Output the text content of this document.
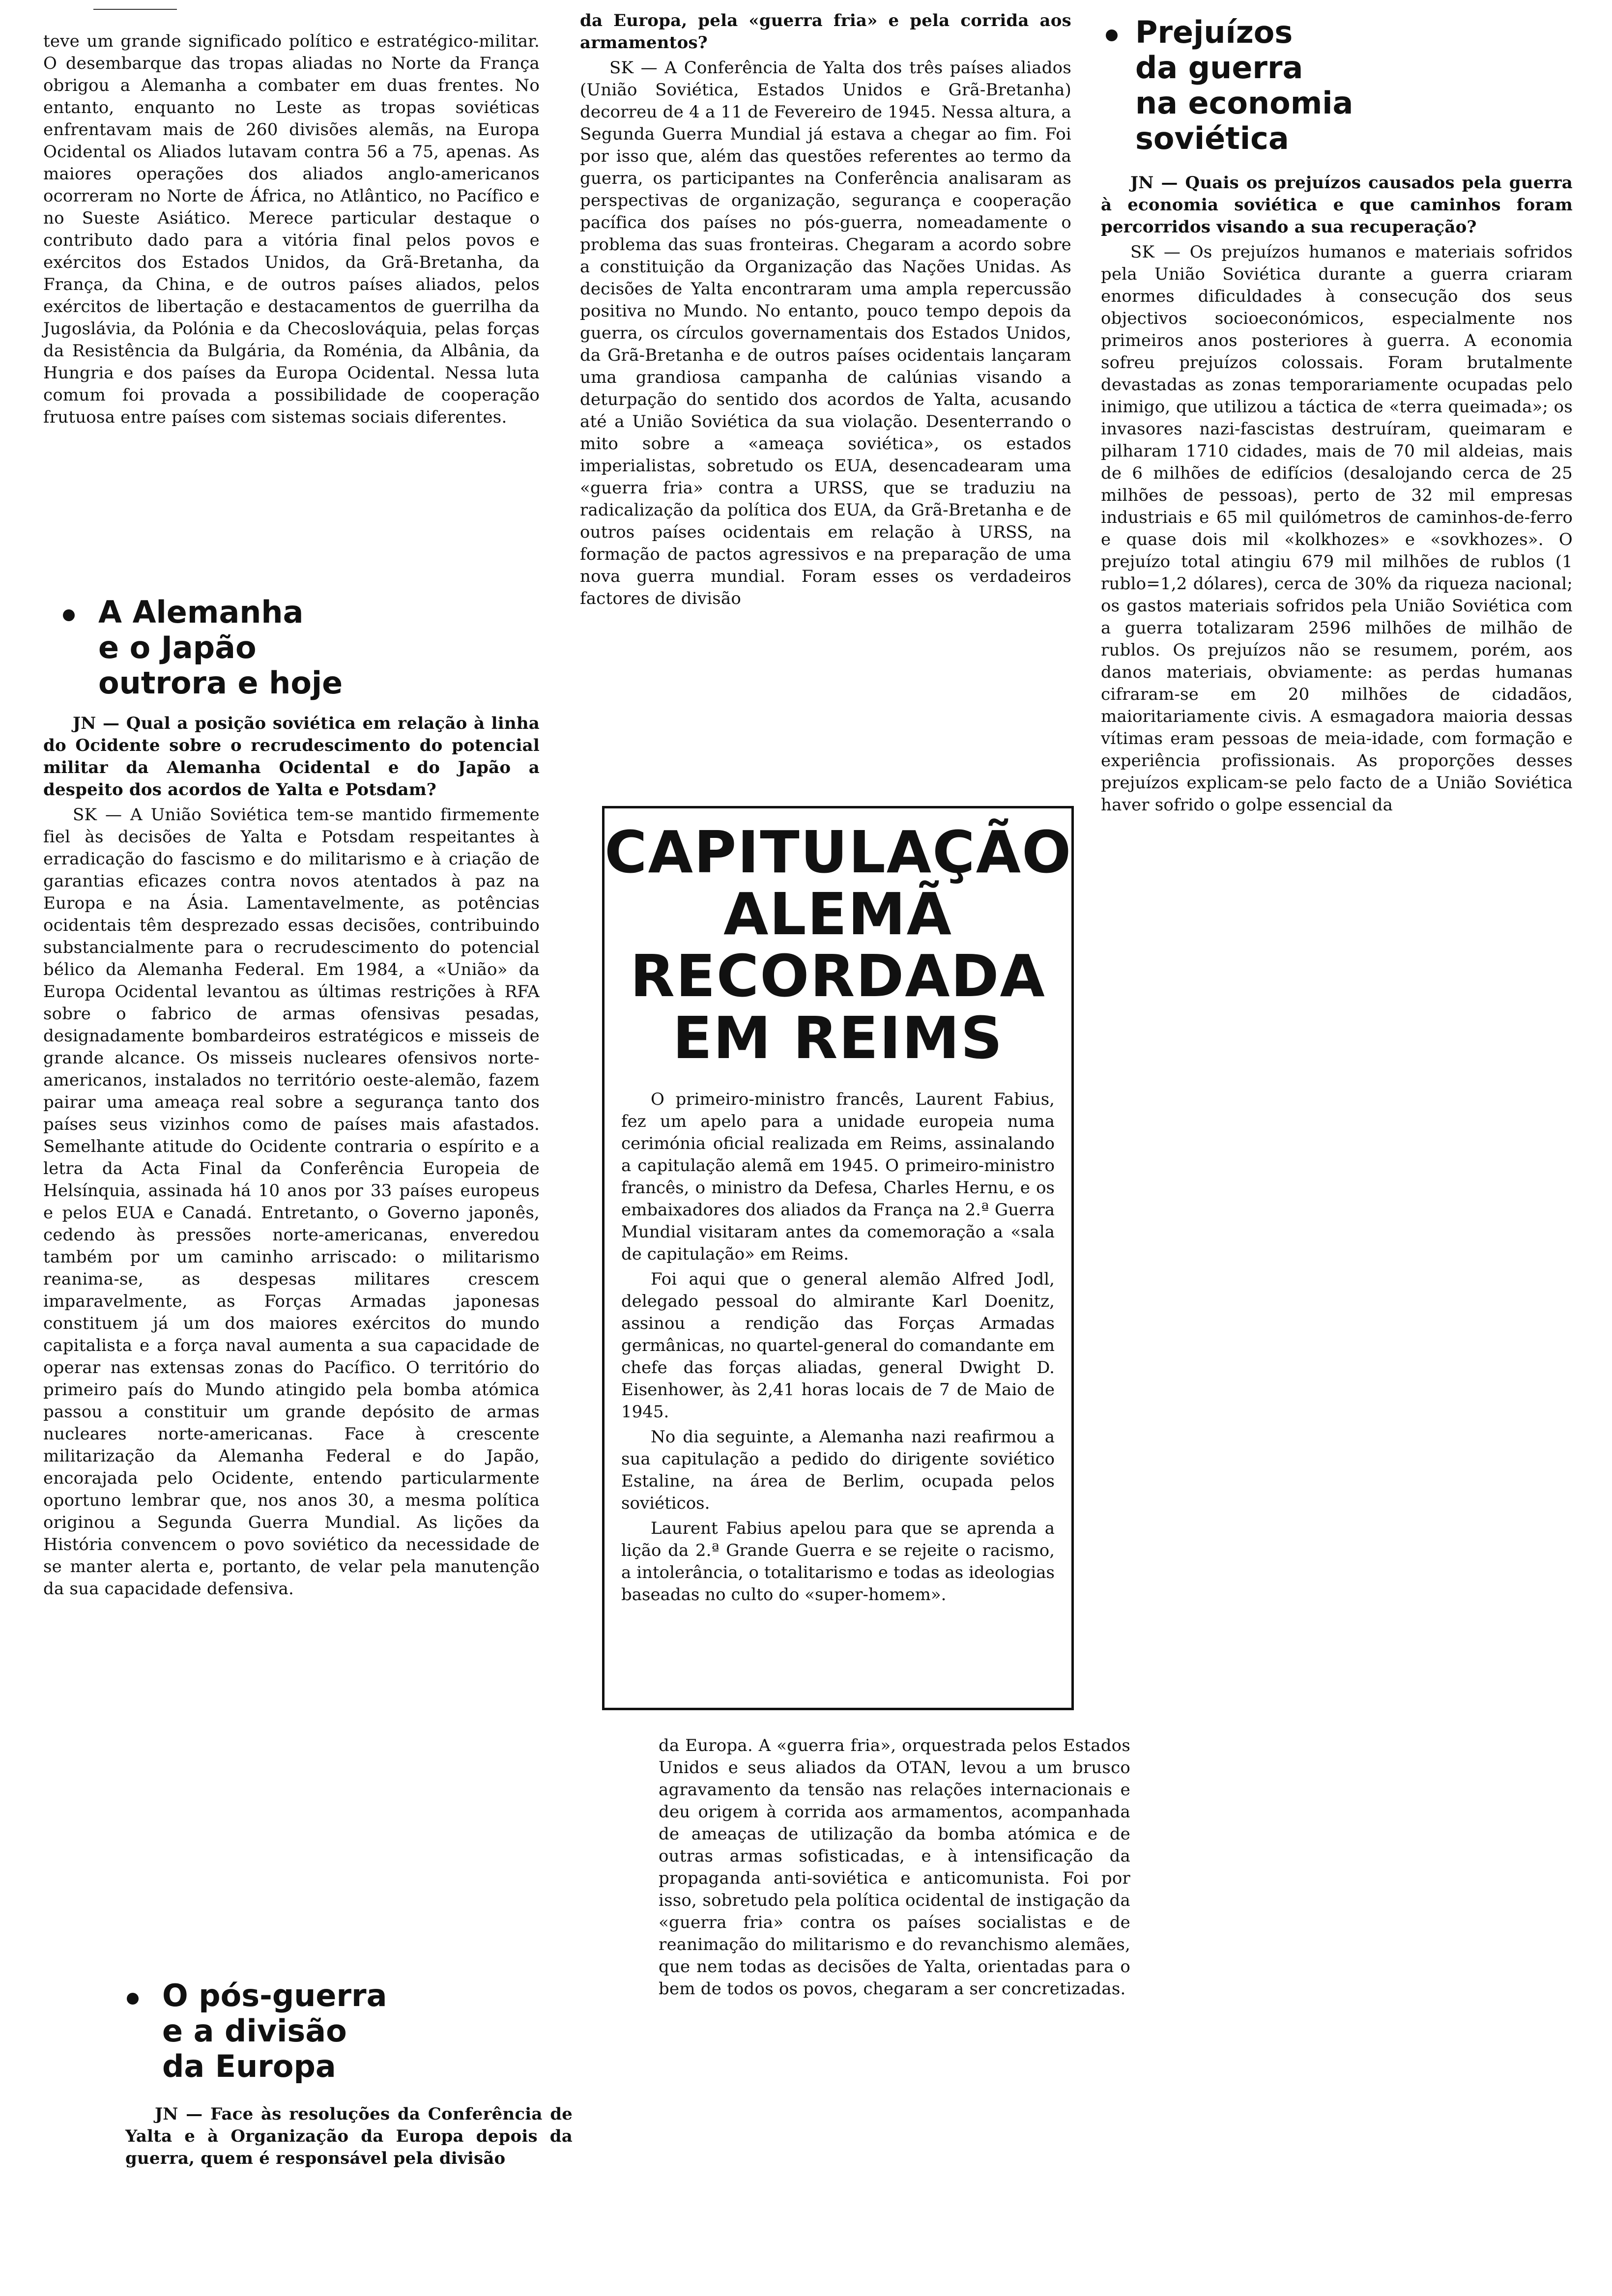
teve um grande significado político e estratégico-militar. O desembarque das tropas aliadas no Norte da França obrigou a Alemanha a combater em duas frentes. No entanto, enquanto no Leste as tropas soviéticas enfrentavam mais de 260 divisões alemãs, na Europa Ocidental os Aliados lutavam contra 56 a 75, apenas. As maiores operações dos aliados anglo-americanos ocorreram no Norte de África, no Atlântico, no Pacífico e no Sueste Asiático. Merece particular destaque o contributo dado para a vitória final pelos povos e exércitos dos Estados Unidos, da Grã-Bretanha, da França, da China, e de outros países aliados, pelos exércitos de libertação e destacamentos de guerrilha da Jugoslávia, da Polónia e da Checoslováquia, pelas forças da Resistência da Bulgária, da Roménia, da Albânia, da Hungria e dos países da Europa Ocidental. Nessa luta comum foi provada a possibilidade de cooperação frutuosa entre países com sistemas sociais diferentes.

A Alemanha
e o Japão
outrora e hoje

JN — Qual a posição soviética em relação à linha do Ocidente sobre o recrudescimento do potencial militar da Alemanha Ocidental e do Japão a despeito dos acordos de Yalta e Potsdam?

SK — A União Soviética tem-se mantido firmemente fiel às decisões de Yalta e Potsdam respeitantes à erradicação do fascismo e do militarismo e à criação de garantias eficazes contra novos atentados à paz na Europa e na Ásia. Lamentavelmente, as potências ocidentais têm desprezado essas decisões, contribuindo substancialmente para o recrudescimento do potencial bélico da Alemanha Federal. Em 1984, a «União» da Europa Ocidental levantou as últimas restrições à RFA sobre o fabrico de armas ofensivas pesadas, designadamente bombardeiros estratégicos e misseis de grande alcance. Os misseis nucleares ofensivos norte-americanos, instalados no território oeste-alemão, fazem pairar uma ameaça real sobre a segurança tanto dos países seus vizinhos como de países mais afastados. Semelhante atitude do Ocidente contraria o espírito e a letra da Acta Final da Conferência Europeia de Helsínquia, assinada há 10 anos por 33 países europeus e pelos EUA e Canadá. Entretanto, o Governo japonês, cedendo às pressões norte-americanas, enveredou também por um caminho arriscado: o militarismo reanima-se, as despesas militares crescem imparavelmente, as Forças Armadas japonesas constituem já um dos maiores exércitos do mundo capitalista e a força naval aumenta a sua capacidade de operar nas extensas zonas do Pacífico. O território do primeiro país do Mundo atingido pela bomba atómica passou a constituir um grande depósito de armas nucleares norte-americanas. Face à crescente militarização da Alemanha Federal e do Japão, encorajada pelo Ocidente, entendo particularmente oportuno lembrar que, nos anos 30, a mesma política originou a Segunda Guerra Mundial. As lições da História convencem o povo soviético da necessidade de se manter alerta e, portanto, de velar pela manutenção da sua capacidade defensiva.

O pós-guerra
e a divisão
da Europa

JN — Face às resoluções da Conferência de Yalta e à Organização da Europa depois da guerra, quem é responsável pela divisão

da Europa, pela «guerra fria» e pela corrida aos armamentos?

SK — A Conferência de Yalta dos três países aliados (União Soviética, Estados Unidos e Grã-Bretanha) decorreu de 4 a 11 de Fevereiro de 1945. Nessa altura, a Segunda Guerra Mundial já estava a chegar ao fim. Foi por isso que, além das questões referentes ao termo da guerra, os participantes na Conferência analisaram as perspectivas de organização, segurança e cooperação pacífica dos países no pós-guerra, nomeadamente o problema das suas fronteiras. Chegaram a acordo sobre a constituição da Organização das Nações Unidas. As decisões de Yalta encontraram uma ampla repercussão positiva no Mundo. No entanto, pouco tempo depois da guerra, os círculos governamentais dos Estados Unidos, da Grã-Bretanha e de outros países ocidentais lançaram uma grandiosa campanha de calúnias visando a deturpação do sentido dos acordos de Yalta, acusando até a União Soviética da sua violação. Desenterrando o mito sobre a «ameaça soviética», os estados imperialistas, sobretudo os EUA, desencadearam uma «guerra fria» contra a URSS, que se traduziu na radicalização da política dos EUA, da Grã-Bretanha e de outros países ocidentais em relação à URSS, na formação de pactos agressivos e na preparação de uma nova guerra mundial. Foram esses os verdadeiros factores de divisão

CAPITULAÇÃO
ALEMÃ
RECORDADA
EM REIMS

O primeiro-ministro francês, Laurent Fabius, fez um apelo para a unidade europeia numa cerimónia oficial realizada em Reims, assinalando a capitulação alemã em 1945. O primeiro-ministro francês, o ministro da Defesa, Charles Hernu, e os embaixadores dos aliados da França na 2.ª Guerra Mundial visitaram antes da comemoração a «sala de capitulação» em Reims.

Foi aqui que o general alemão Alfred Jodl, delegado pessoal do almirante Karl Doenitz, assinou a rendição das Forças Armadas germânicas, no quartel-general do comandante em chefe das forças aliadas, general Dwight D. Eisenhower, às 2,41 horas locais de 7 de Maio de 1945.

No dia seguinte, a Alemanha nazi reafirmou a sua capitulação a pedido do dirigente soviético Estaline, na área de Berlim, ocupada pelos soviéticos.

Laurent Fabius apelou para que se aprenda a lição da 2.ª Grande Guerra e se rejeite o racismo, a intolerância, o totalitarismo e todas as ideologias baseadas no culto do «super-homem».

da Europa. A «guerra fria», orquestrada pelos Estados Unidos e seus aliados da OTAN, levou a um brusco agravamento da tensão nas relações internacionais e deu origem à corrida aos armamentos, acompanhada de ameaças de utilização da bomba atómica e de outras armas sofisticadas, e à intensificação da propaganda anti-soviética e anticomunista. Foi por isso, sobretudo pela política ocidental de instigação da «guerra fria» contra os países socialistas e de reanimação do militarismo e do revanchismo alemães, que nem todas as decisões de Yalta, orientadas para o bem de todos os povos, chegaram a ser concretizadas.

Prejuízos
da guerra
na economia
soviética

JN — Quais os prejuízos causados pela guerra à economia soviética e que caminhos foram percorridos visando a sua recuperação?

SK — Os prejuízos humanos e materiais sofridos pela União Soviética durante a guerra criaram enormes dificuldades à consecução dos seus objectivos socioeconómicos, especialmente nos primeiros anos posteriores à guerra. A economia sofreu prejuízos colossais. Foram brutalmente devastadas as zonas temporariamente ocupadas pelo inimigo, que utilizou a táctica de «terra queimada»; os invasores nazi-fascistas destruíram, queimaram e pilharam 1710 cidades, mais de 70 mil aldeias, mais de 6 milhões de edifícios (desalojando cerca de 25 milhões de pessoas), perto de 32 mil empresas industriais e 65 mil quilómetros de caminhos-de-ferro e quase dois mil «kolkhozes» e «sovkhozes». O prejuízo total atingiu 679 mil milhões de rublos (1 rublo=1,2 dólares), cerca de 30% da riqueza nacional; os gastos materiais sofridos pela União Soviética com a guerra totalizaram 2596 milhões de milhão de rublos. Os prejuízos não se resumem, porém, aos danos materiais, obviamente: as perdas humanas cifraram-se em 20 milhões de cidadãos, maioritariamente civis. A esmagadora maioria dessas vítimas eram pessoas de meia-idade, com formação e experiência profissionais. As proporções desses prejuízos explicam-se pelo facto de a União Soviética haver sofrido o golpe essencial da
